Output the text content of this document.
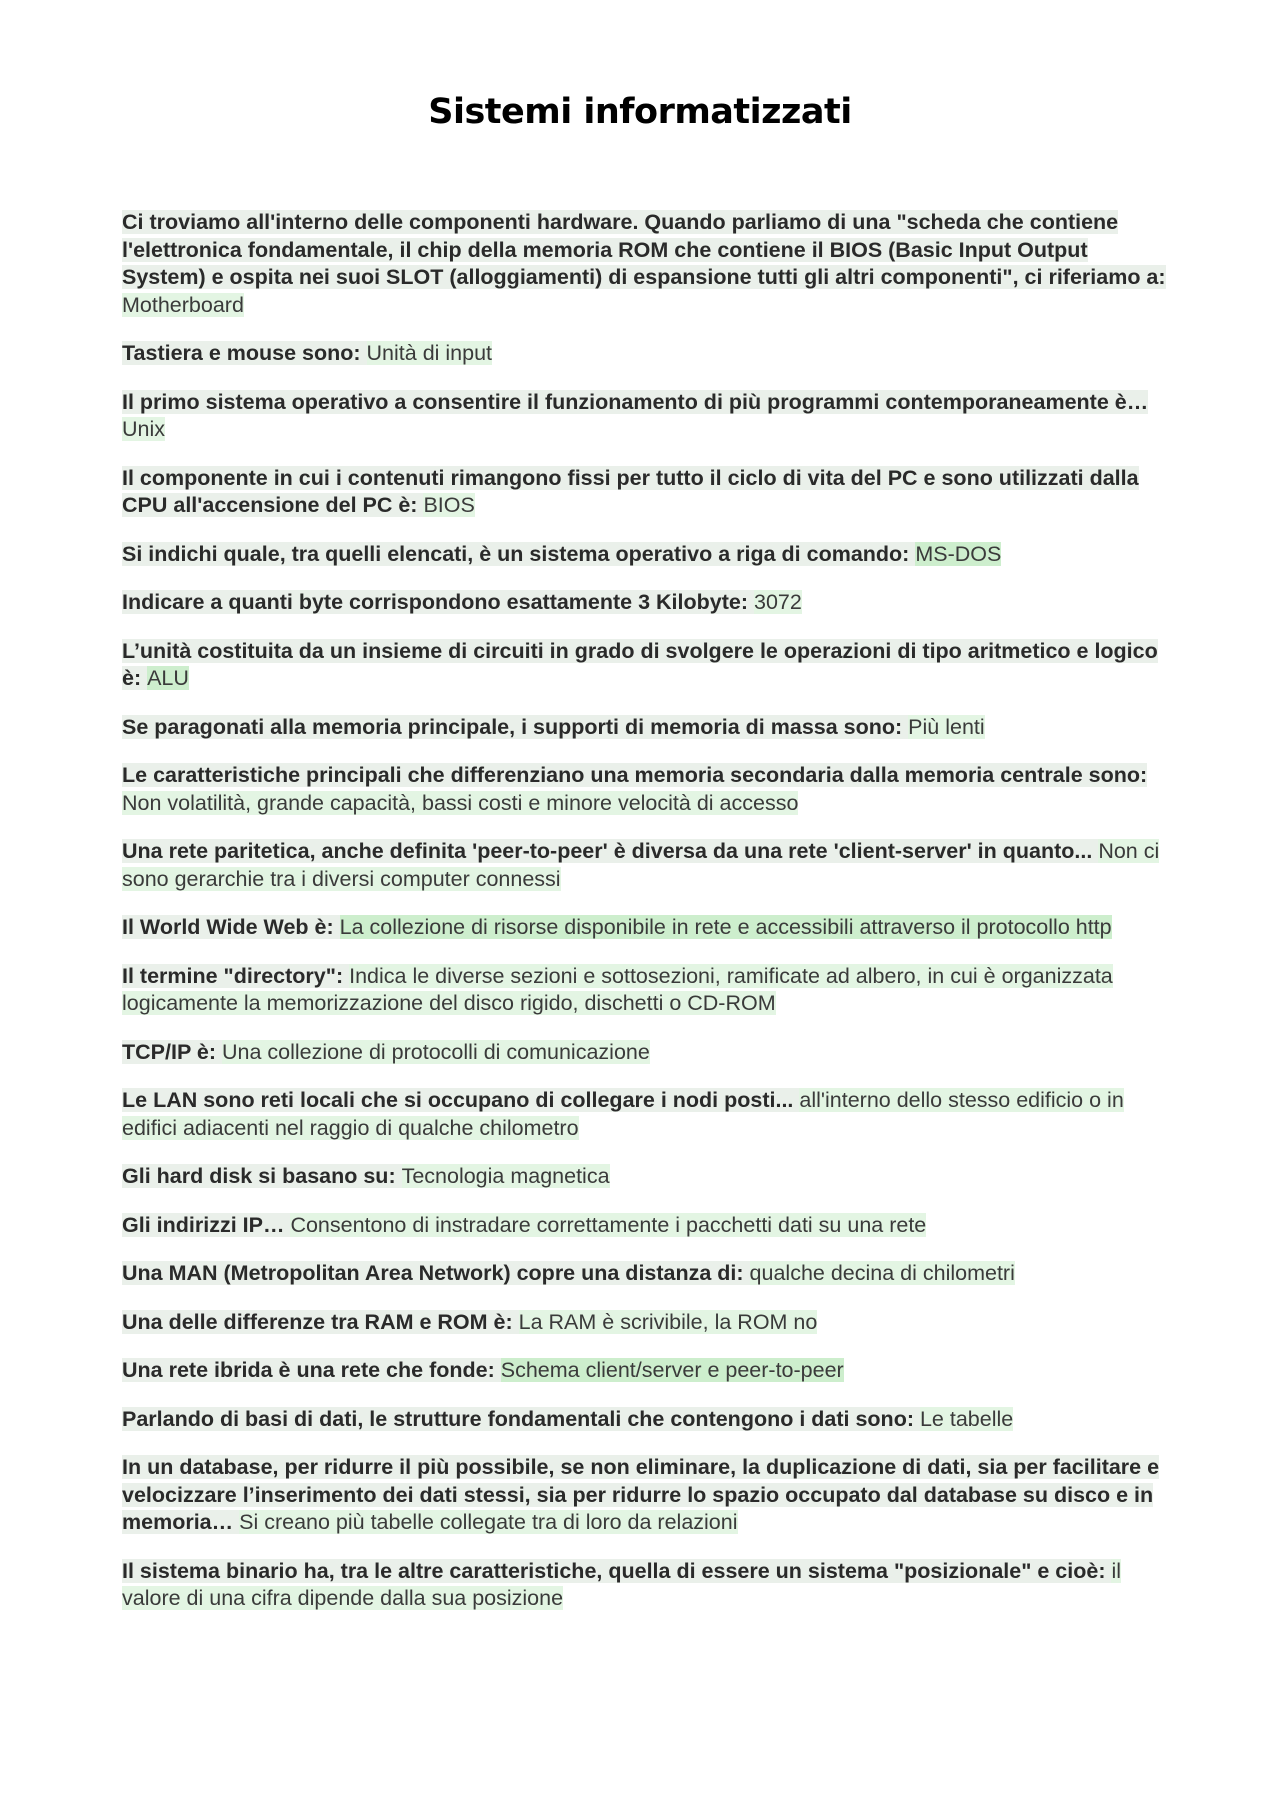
Sistemi informatizzati
Ci troviamo all'interno delle componenti hardware. Quando parliamo di una "scheda che contiene l'elettronica fondamentale, il chip della memoria ROM che contiene il BIOS (Basic Input Output System) e ospita nei suoi SLOT (alloggiamenti) di espansione tutti gli altri componenti", ci riferiamo a: Motherboard
Tastiera e mouse sono: Unità di input
Il primo sistema operativo a consentire il funzionamento di più programmi contemporaneamente è… Unix
Il componente in cui i contenuti rimangono fissi per tutto il ciclo di vita del PC e sono utilizzati dalla CPU all'accensione del PC è: BIOS
Si indichi quale, tra quelli elencati, è un sistema operativo a riga di comando: MS-DOS
Indicare a quanti byte corrispondono esattamente 3 Kilobyte: 3072
L’unità costituita da un insieme di circuiti in grado di svolgere le operazioni di tipo aritmetico e logico è: ALU
Se paragonati alla memoria principale, i supporti di memoria di massa sono: Più lenti
Le caratteristiche principali che differenziano una memoria secondaria dalla memoria centrale sono: Non volatilità, grande capacità, bassi costi e minore velocità di accesso
Una rete paritetica, anche definita 'peer-to-peer' è diversa da una rete 'client-server' in quanto... Non ci sono gerarchie tra i diversi computer connessi
Il World Wide Web è: La collezione di risorse disponibile in rete e accessibili attraverso il protocollo http
Il termine "directory": Indica le diverse sezioni e sottosezioni, ramificate ad albero, in cui è organizzata logicamente la memorizzazione del disco rigido, dischetti o CD-ROM
TCP/IP è: Una collezione di protocolli di comunicazione
Le LAN sono reti locali che si occupano di collegare i nodi posti... all'interno dello stesso edificio o in edifici adiacenti nel raggio di qualche chilometro
Gli hard disk si basano su: Tecnologia magnetica
Gli indirizzi IP… Consentono di instradare correttamente i pacchetti dati su una rete
Una MAN (Metropolitan Area Network) copre una distanza di: qualche decina di chilometri
Una delle differenze tra RAM e ROM è: La RAM è scrivibile, la ROM no
Una rete ibrida è una rete che fonde: Schema client/server e peer-to-peer
Parlando di basi di dati, le strutture fondamentali che contengono i dati sono: Le tabelle
In un database, per ridurre il più possibile, se non eliminare, la duplicazione di dati, sia per facilitare e velocizzare l’inserimento dei dati stessi, sia per ridurre lo spazio occupato dal database su disco e in memoria… Si creano più tabelle collegate tra di loro da relazioni
Il sistema binario ha, tra le altre caratteristiche, quella di essere un sistema "posizionale" e cioè: il valore di una cifra dipende dalla sua posizione
